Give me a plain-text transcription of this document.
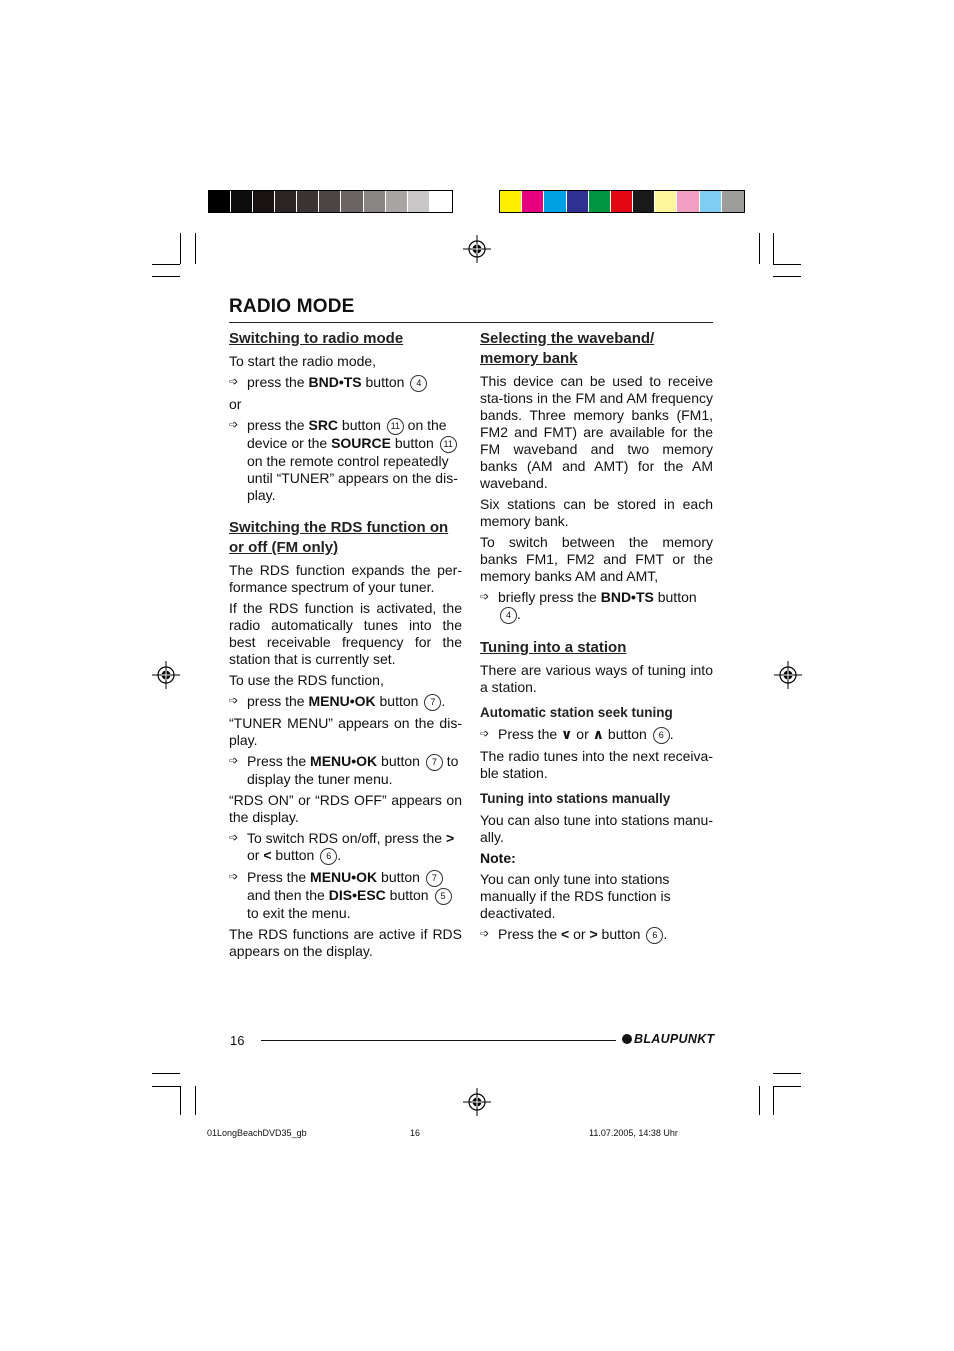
RADIO MODE
Switching to radio mode

To start the radio mode,

➩ press the BND•TS button 4

or

➩ press the SRC button 11 on the device or the SOURCE button 11 on the remote control repeatedly until “TUNER” appears on the dis-play.
Switching the RDS function on or off (FM only)

The RDS function expands the per-formance spectrum of your tuner.

If the RDS function is activated, the radio automatically tunes into the best receivable frequency for the station that is currently set.

To use the RDS function,

➩ press the MENU•OK button 7 .

“TUNER MENU” appears on the dis-play.

➩ Press the MENU•OK button 7 to display the tuner menu.

“RDS ON” or “RDS OFF” appears on the display.

➩ To switch RDS on/off, press the > or < button 6 .
➩ Press the MENU•OK button 7 and then the DIS•ESC button 5 to exit the menu.

The RDS functions are active if RDS appears on the display.

Selecting the waveband/ memory bank

This device can be used to receive sta-tions in the FM and AM frequency bands. Three memory banks (FM1, FM2 and FMT) are available for the FM waveband and two memory banks (AM and AMT) for the AM waveband.

Six stations can be stored in each memory bank.

To switch between the memory banks FM1, FM2 and FMT or the memory banks AM and AMT,

➩ briefly press the BND•TS button 4 .
Tuning into a station

There are various ways of tuning into a station.

Automatic station seek tuning
➩ Press the ∨ or ∧ button 6 .

The radio tunes into the next receiva-ble station.

Tuning into stations manually

You can also tune into stations manu-ally.

Note:

You can only tune into stations manually if the RDS function is deactivated.

➩ Press the < or > button 6 .
16	BLAUPUNKT
01LongBeachDVD35_gb	16	11.07.2005, 14:38 Uhr
